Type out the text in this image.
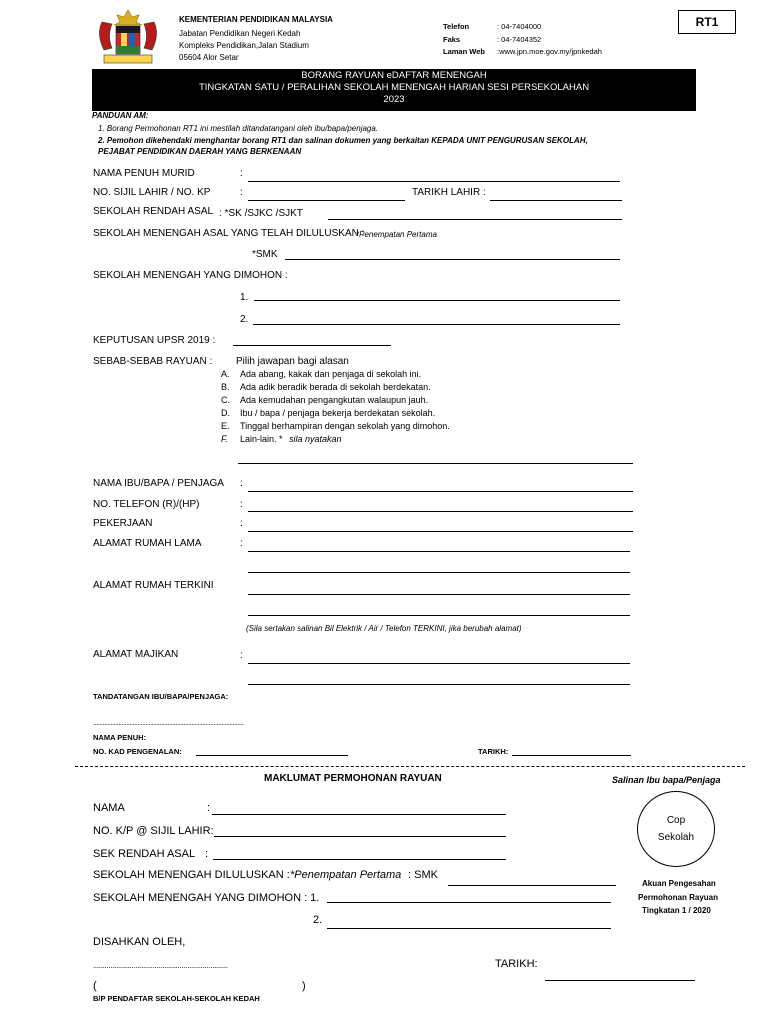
KEMENTERIAN PENDIDIKAN MALAYSIA
Jabatan Pendidikan Negeri Kedah
Kompleks Pendidikan,Jalan Stadium
05604 Alor Setar
Telefon	: 04-7404000
Faks	: 04-7404352
Laman Web :www.jpn.moe.gov.my/jpnkedah
RT1
BORANG RAYUAN eDAFTAR MENENGAH
TINGKATAN SATU / PERALIHAN SEKOLAH MENENGAH HARIAN SESI PERSEKOLAHAN
2023
PANDUAN AM:
1. Borang Permohonan RT1 ini mestilah ditandatangani oleh ibu/bapa/penjaga.
2. Pemohon dikehendaki menghantar borang RT1 dan salinan dokumen yang berkaitan KEPADA UNIT PENGURUSAN SEKOLAH,
PEJABAT PENDIDIKAN DAERAH YANG BERKENAAN
NAMA PENUH MURID	:
NO. SIJIL LAHIR / NO. KP	:	TARIKH LAHIR :
SEKOLAH RENDAH ASAL : *SK /SJKC /SJKT
SEKOLAH MENENGAH ASAL YANG TELAH DILULUSKAN :
*Penempatan Pertama
*SMK
SEKOLAH MENENGAH YANG DIMOHON :
1.
2.
KEPUTUSAN UPSR 2019 :
SEBAB-SEBAB RAYUAN : Pilih jawapan bagi alasan
A. Ada abang, kakak dan penjaga di sekolah ini.
B. Ada adik beradik berada di sekolah berdekatan.
C. Ada kemudahan pengangkutan walaupun jauh.
D. Ibu / bapa / penjaga bekerja berdekatan sekolah.
E. Tinggal berhampiran dengan sekolah yang dimohon.
F. Lain-lain. * sila nyatakan
NAMA IBU/BAPA / PENJAGA :
NO. TELEFON (R)/(HP)	:
PEKERJAAN	:
ALAMAT RUMAH LAMA	:
ALAMAT RUMAH TERKINI
(Sila sertakan salinan Bil Elektrik / Air / Telefon TERKINI, jika berubah alamat)
ALAMAT MAJIKAN	:
TANDATANGAN IBU/BAPA/PENJAGA:
...............................................................................................
NAMA PENUH:
NO. KAD PENGENALAN:	TARIKH:
MAKLUMAT PERMOHONAN RAYUAN	Salinan Ibu bapa/Penjaga
NAMA	:
NO. K/P @ SIJIL LAHIR:
SEK RENDAH ASAL :
SEKOLAH MENENGAH DILULUSKAN : *Penempatan Pertama : SMK
SEKOLAH MENENGAH YANG DIMOHON : 1.
2.
DISAHKAN OLEH,
......................................................................	TARIKH:
(	)
B/P PENDAFTAR SEKOLAH-SEKOLAH KEDAH
Cop
Sekolah
Akuan Pengesahan
Permohonan Rayuan
Tingkatan 1 / 2020
